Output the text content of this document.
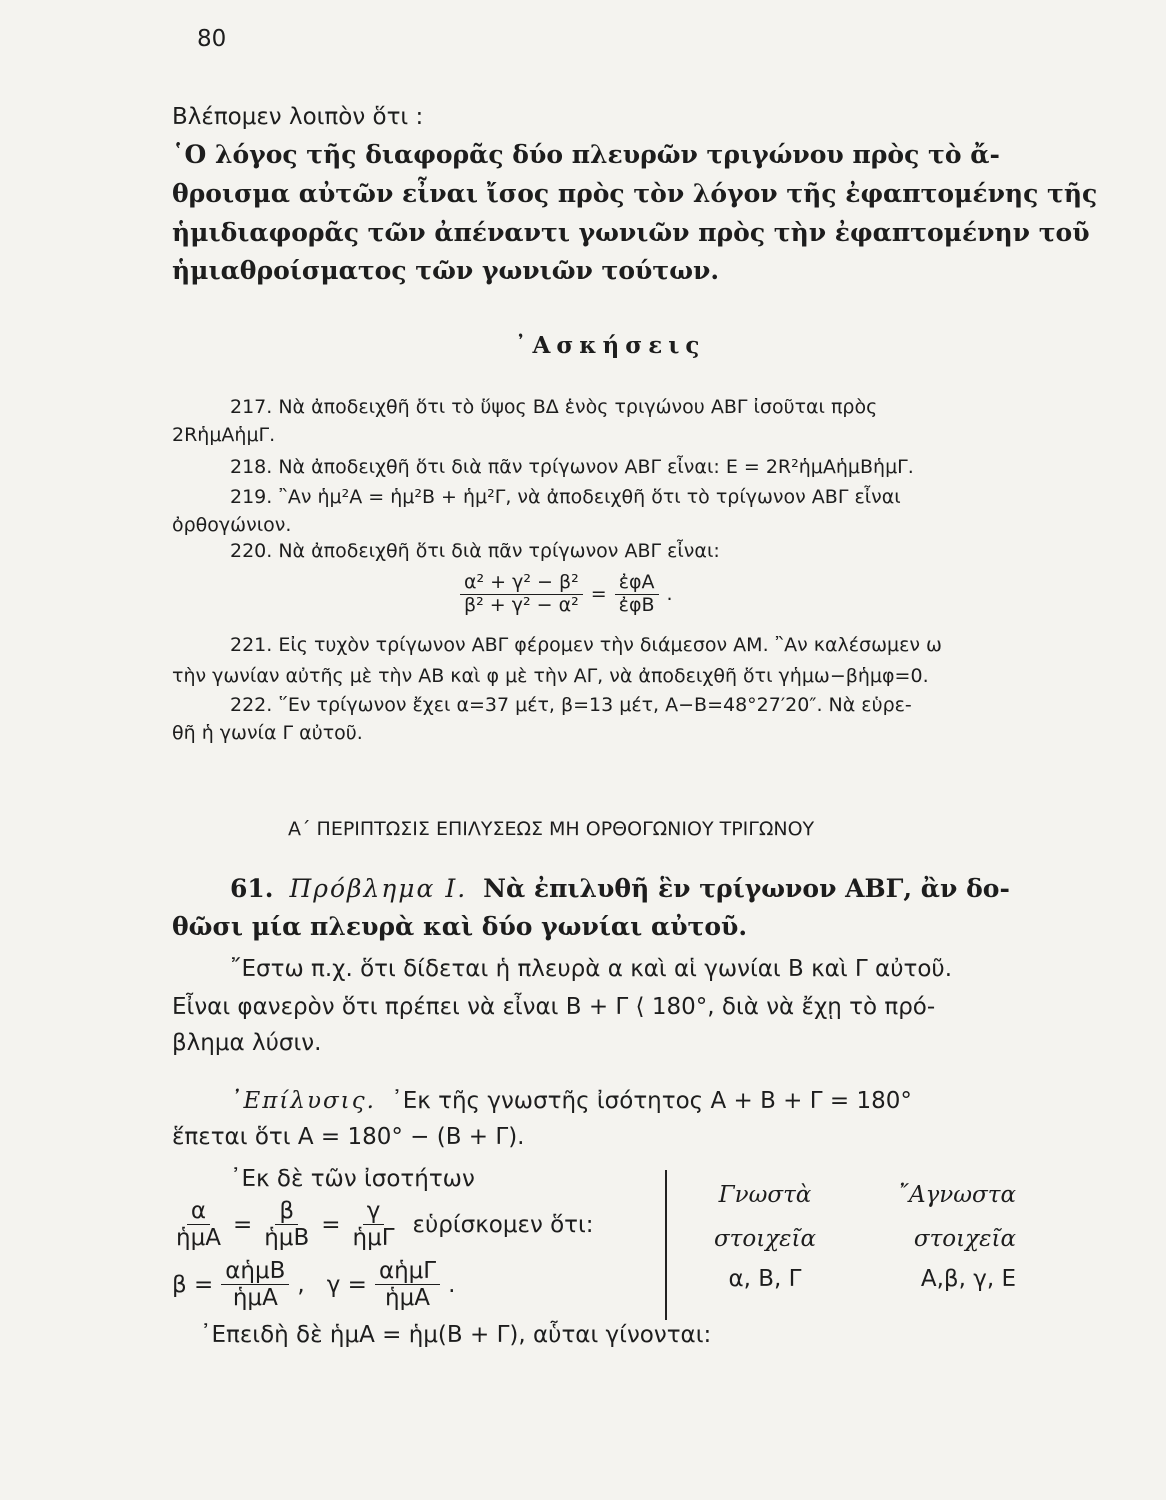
80
Βλέπομεν λοιπὸν ὅτι :
῾Ο λόγος τῆς διαφορᾶς δύο πλευρῶν τριγώνου πρὸς τὸ ἄ-
θροισμα αὐτῶν εἶναι ἴσος πρὸς τὸν λόγον τῆς ἐφαπτομένης τῆς
ἡμιδιαφορᾶς τῶν ἀπέναντι γωνιῶν πρὸς τὴν ἐφαπτομένην τοῦ
ἡμιαθροίσματος τῶν γωνιῶν τούτων.
᾿Ασκήσεις
217. Νὰ ἀποδειχθῆ ὅτι τὸ ὕψος ΒΔ ἑνὸς τριγώνου ΑΒΓ ἰσοῦται πρὸς
2RἡμΑἡμΓ.
218. Νὰ ἀποδειχθῆ ὅτι διὰ πᾶν τρίγωνον ΑΒΓ εἶναι: Ε = 2R²ἡμΑἡμΒἡμΓ.
219. ῍Αν ἡμ²Α = ἡμ²Β + ἡμ²Γ, νὰ ἀποδειχθῆ ὅτι τὸ τρίγωνον ΑΒΓ εἶναι
ὀρθογώνιον.
220. Νὰ ἀποδειχθῆ ὅτι διὰ πᾶν τρίγωνον ΑΒΓ εἶναι:
$\frac{\text{α² + γ² − β²}}{\text{β² + γ² − α²}} = \frac{\text{ἐφΑ}}{\text{ἐφΒ}}$ .
221. Εἰς τυχὸν τρίγωνον ΑΒΓ φέρομεν τὴν διάμεσον ΑΜ. ῍Αν καλέσωμεν ω
τὴν γωνίαν αὐτῆς μὲ τὴν ΑΒ καὶ φ μὲ τὴν ΑΓ, νὰ ἀποδειχθῆ ὅτι γἡμω−βἡμφ=0.
222. ῞Εν τρίγωνον ἔχει α=37 μέτ, β=13 μέτ, Α−Β=48°27′20″. Νὰ εὑρε-
θῆ ἡ γωνία Γ αὐτοῦ.
Α΄ ΠΕΡΙΠΤΩΣΙΣ ΕΠΙΛΥΣΕΩΣ ΜΗ ΟΡΘΟΓΩΝΙΟΥ ΤΡΙΓΩΝΟΥ
61. Πρόβλημα Ι. Νὰ ἐπιλυθῆ ἓν τρίγωνον ΑΒΓ, ἂν δο-
θῶσι μία πλευρὰ καὶ δύο γωνίαι αὐτοῦ.
῎Εστω π.χ. ὅτι δίδεται ἡ πλευρὰ α καὶ αἱ γωνίαι Β καὶ Γ αὐτοῦ.
Εἶναι φανερὸν ὅτι πρέπει νὰ εἶναι Β + Γ ⟨ 180°, διὰ νὰ ἔχῃ τὸ πρό-
βλημα λύσιν.
᾿Επίλυσις. ᾿Εκ τῆς γνωστῆς ἰσότητος Α + Β + Γ = 180°
ἕπεται ὅτι Α = 180° − (Β + Γ).
᾿Εκ δὲ τῶν ἰσοτήτων
$\frac{\alpha}{\text{ἡμΑ}} = \frac{\beta}{\text{ἡμΒ}} = \frac{\gamma}{\text{ἡμΓ}}$ εὑρίσκομεν ὅτι:
$\beta = \frac{\text{αἡμΒ}}{\text{ἡμΑ}}$ , $\gamma = \frac{\text{αἡμΓ}}{\text{ἡμΑ}}$ .
Γνωστὰ
στοιχεῖα
α, Β, Γ
῎Αγνωστα
στοιχεῖα
Α,β, γ, Ε
᾿Επειδὴ δὲ ἡμΑ = ἡμ(Β + Γ), αὗται γίνονται:
